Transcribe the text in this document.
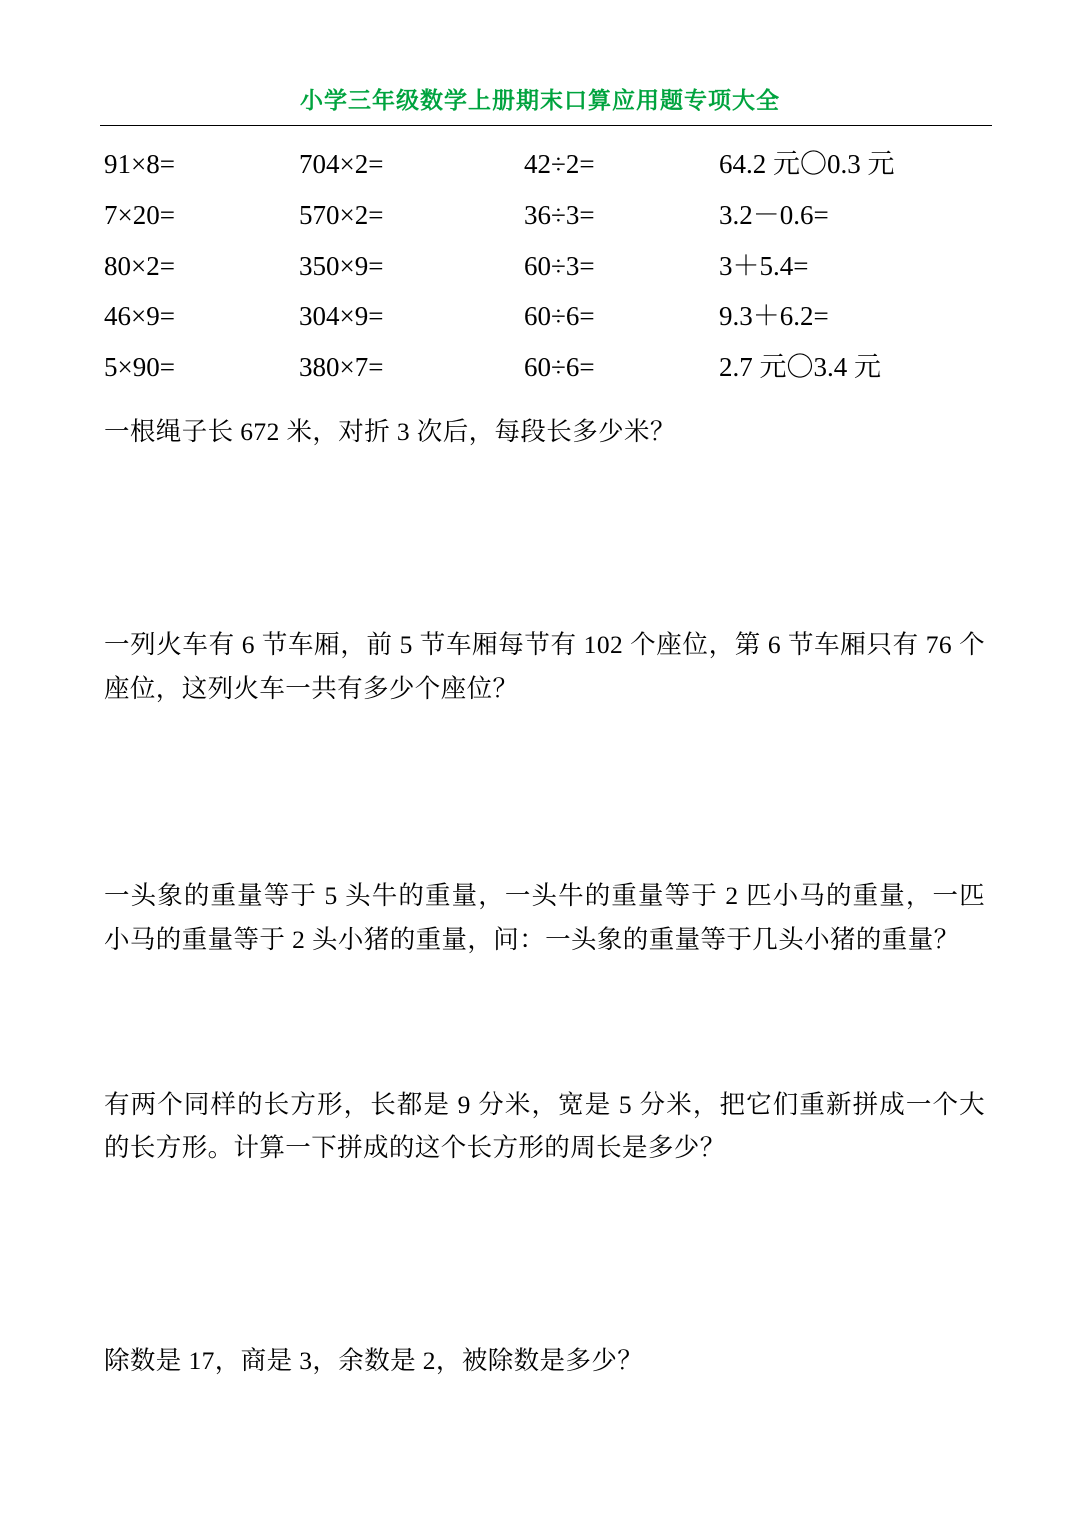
小学三年级数学上册期末口算应用题专项大全
91×8=	704×2=	42÷2=	64.2 元〇0.3 元
7×20=	570×2=	36÷3=	3.2－0.6=
80×2=	350×9=	60÷3=	3＋5.4=
46×9=	304×9=	60÷6=	9.3＋6.2=
5×90=	380×7=	60÷6=	2.7 元〇3.4 元

一根绳子长 672 米，对折 3 次后，每段长多少米？

一列火车有 6 节车厢，前 5 节车厢每节有 102 个座位，第 6 节车厢只有 76 个座位，这列火车一共有多少个座位？

一头象的重量等于 5 头牛的重量，一头牛的重量等于 2 匹小马的重量，一匹小马的重量等于 2 头小猪的重量，问：一头象的重量等于几头小猪的重量？

有两个同样的长方形，长都是 9 分米，宽是 5 分米，把它们重新拼成一个大的长方形。计算一下拼成的这个长方形的周长是多少？

除数是 17，商是 3，余数是 2，被除数是多少？
